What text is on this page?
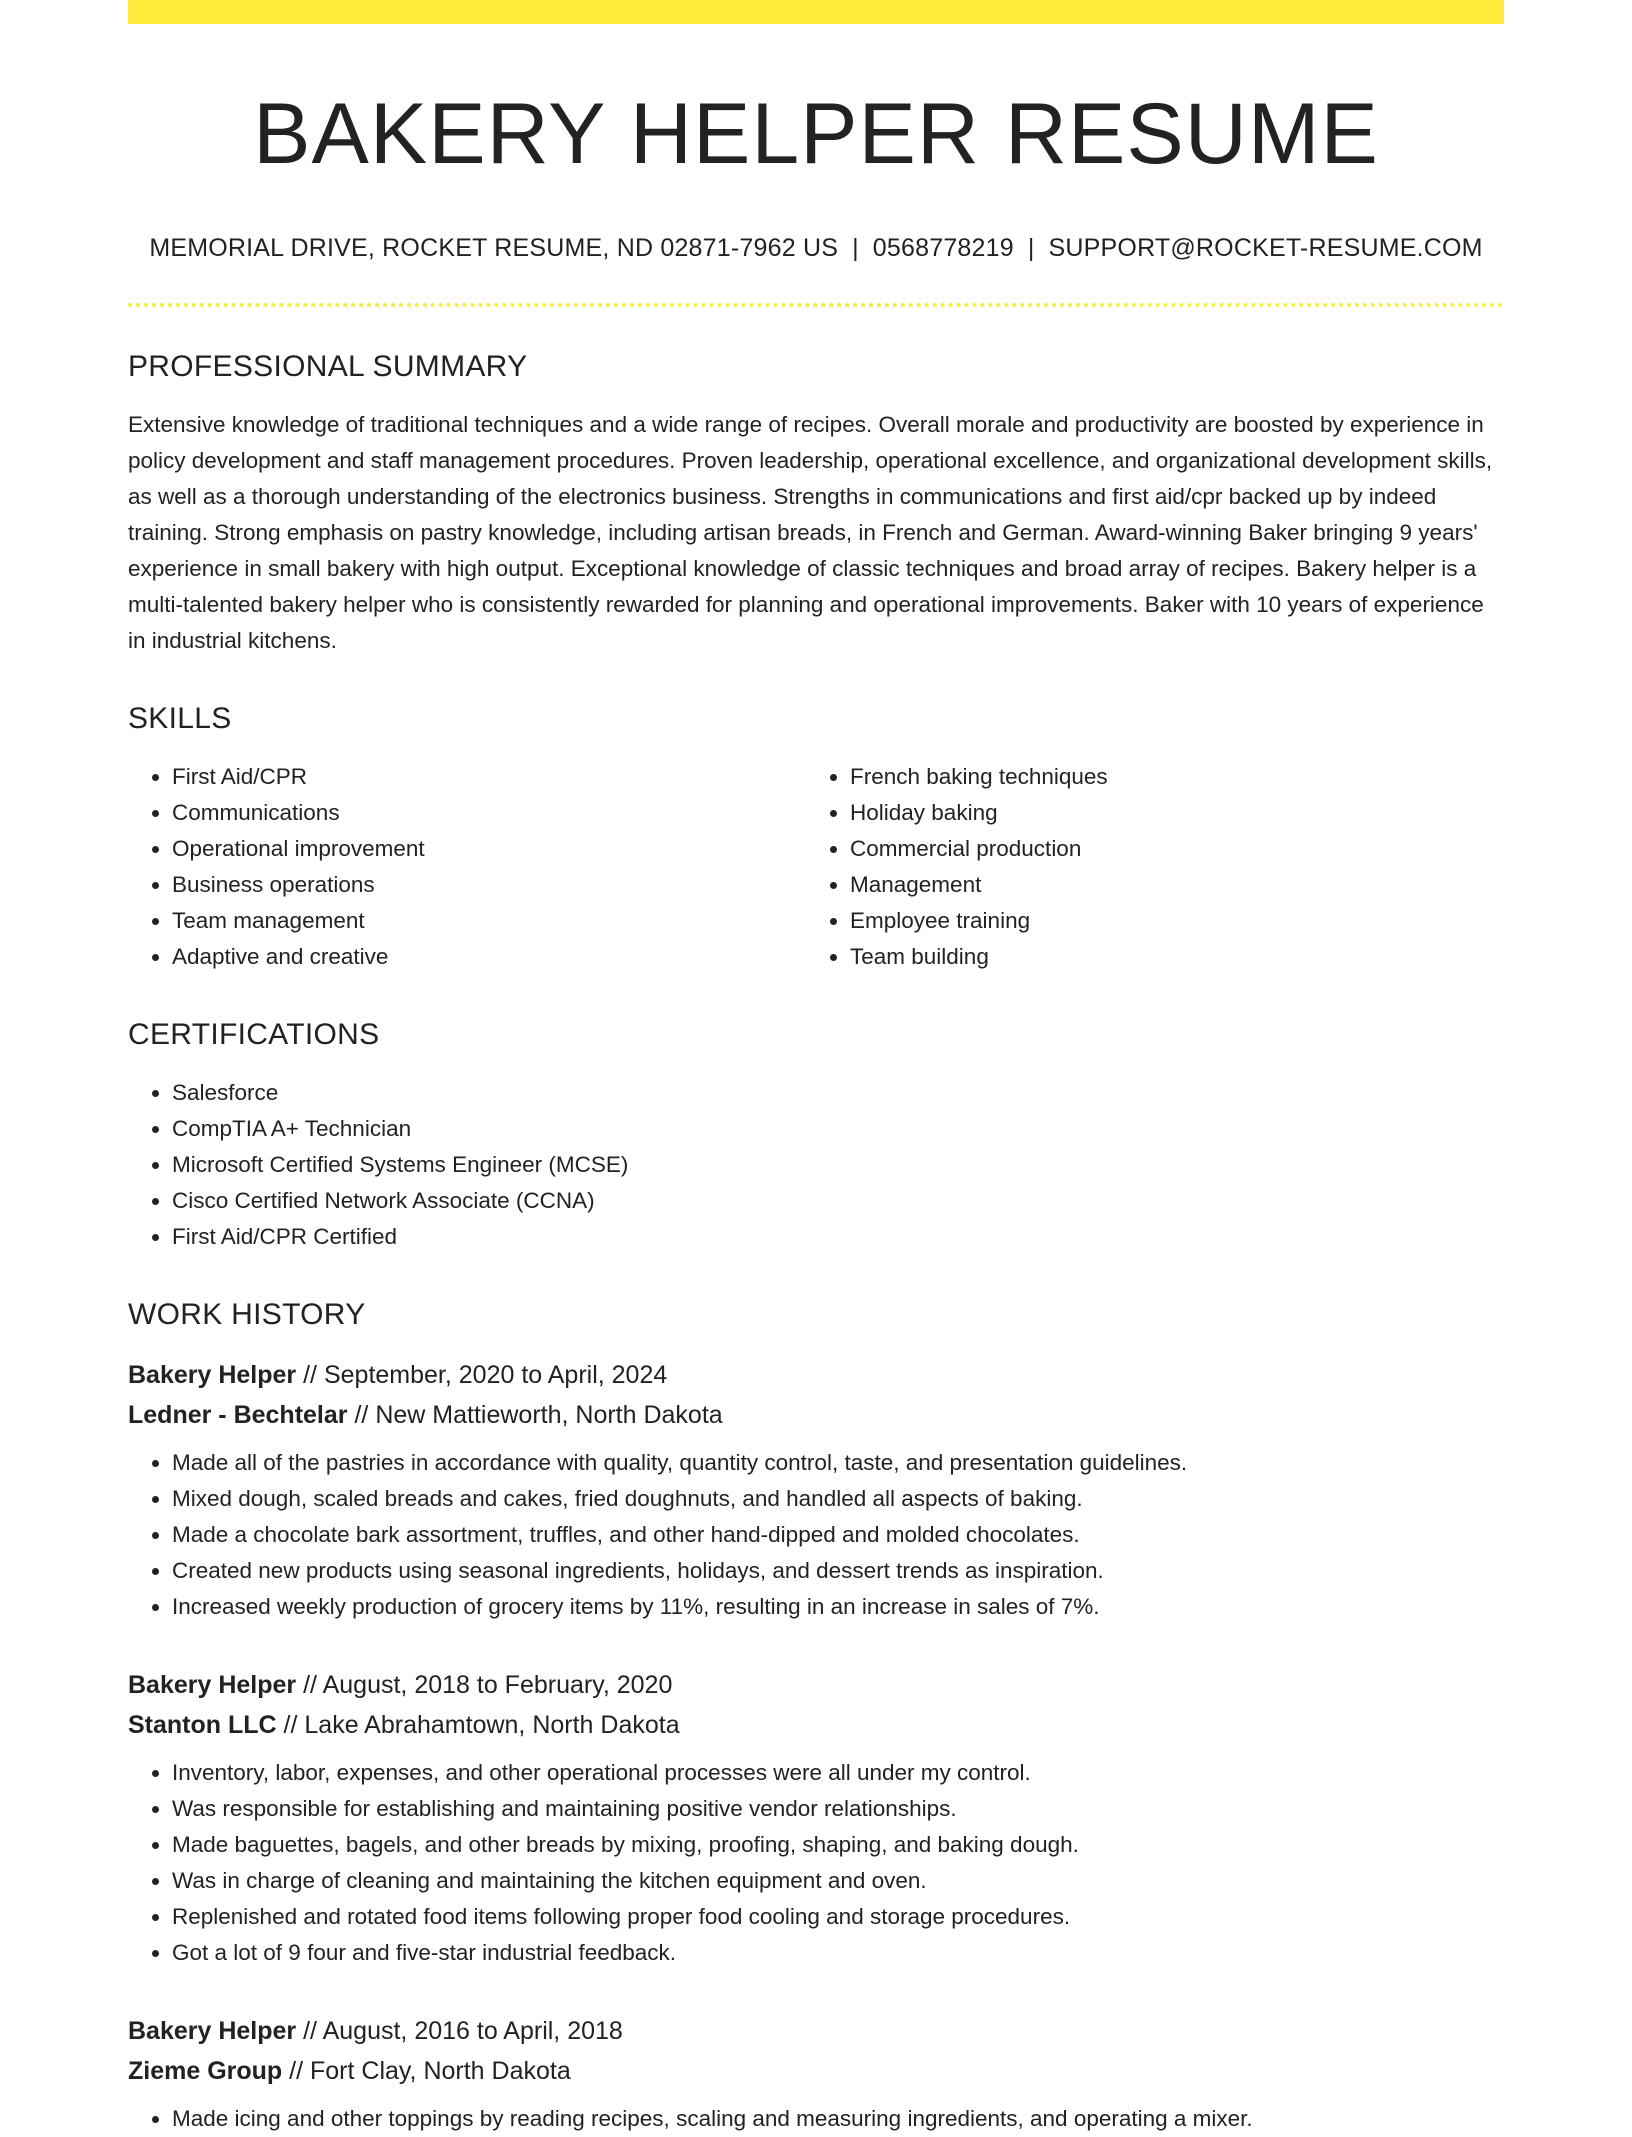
BAKERY HELPER RESUME
MEMORIAL DRIVE, ROCKET RESUME, ND 02871-7962 US | 0568778219 | SUPPORT@ROCKET-RESUME.COM
PROFESSIONAL SUMMARY
Extensive knowledge of traditional techniques and a wide range of recipes. Overall morale and productivity are boosted by experience in policy development and staff management procedures. Proven leadership, operational excellence, and organizational development skills, as well as a thorough understanding of the electronics business. Strengths in communications and first aid/cpr backed up by indeed training. Strong emphasis on pastry knowledge, including artisan breads, in French and German. Award-winning Baker bringing 9 years' experience in small bakery with high output. Exceptional knowledge of classic techniques and broad array of recipes. Bakery helper is a multi-talented bakery helper who is consistently rewarded for planning and operational improvements. Baker with 10 years of experience in industrial kitchens.
SKILLS
• First Aid/CPR
• Communications
• Operational improvement
• Business operations
• Team management
• Adaptive and creative
• French baking techniques
• Holiday baking
• Commercial production
• Management
• Employee training
• Team building
CERTIFICATIONS
• Salesforce
• CompTIA A+ Technician
• Microsoft Certified Systems Engineer (MCSE)
• Cisco Certified Network Associate (CCNA)
• First Aid/CPR Certified
WORK HISTORY
Bakery Helper // September, 2020 to April, 2024
Ledner - Bechtelar // New Mattieworth, North Dakota
• Made all of the pastries in accordance with quality, quantity control, taste, and presentation guidelines.
• Mixed dough, scaled breads and cakes, fried doughnuts, and handled all aspects of baking.
• Made a chocolate bark assortment, truffles, and other hand-dipped and molded chocolates.
• Created new products using seasonal ingredients, holidays, and dessert trends as inspiration.
• Increased weekly production of grocery items by 11%, resulting in an increase in sales of 7%.
Bakery Helper // August, 2018 to February, 2020
Stanton LLC // Lake Abrahamtown, North Dakota
• Inventory, labor, expenses, and other operational processes were all under my control.
• Was responsible for establishing and maintaining positive vendor relationships.
• Made baguettes, bagels, and other breads by mixing, proofing, shaping, and baking dough.
• Was in charge of cleaning and maintaining the kitchen equipment and oven.
• Replenished and rotated food items following proper food cooling and storage procedures.
• Got a lot of 9 four and five-star industrial feedback.
Bakery Helper // August, 2016 to April, 2018
Zieme Group // Fort Clay, North Dakota
• Made icing and other toppings by reading recipes, scaling and measuring ingredients, and operating a mixer.
